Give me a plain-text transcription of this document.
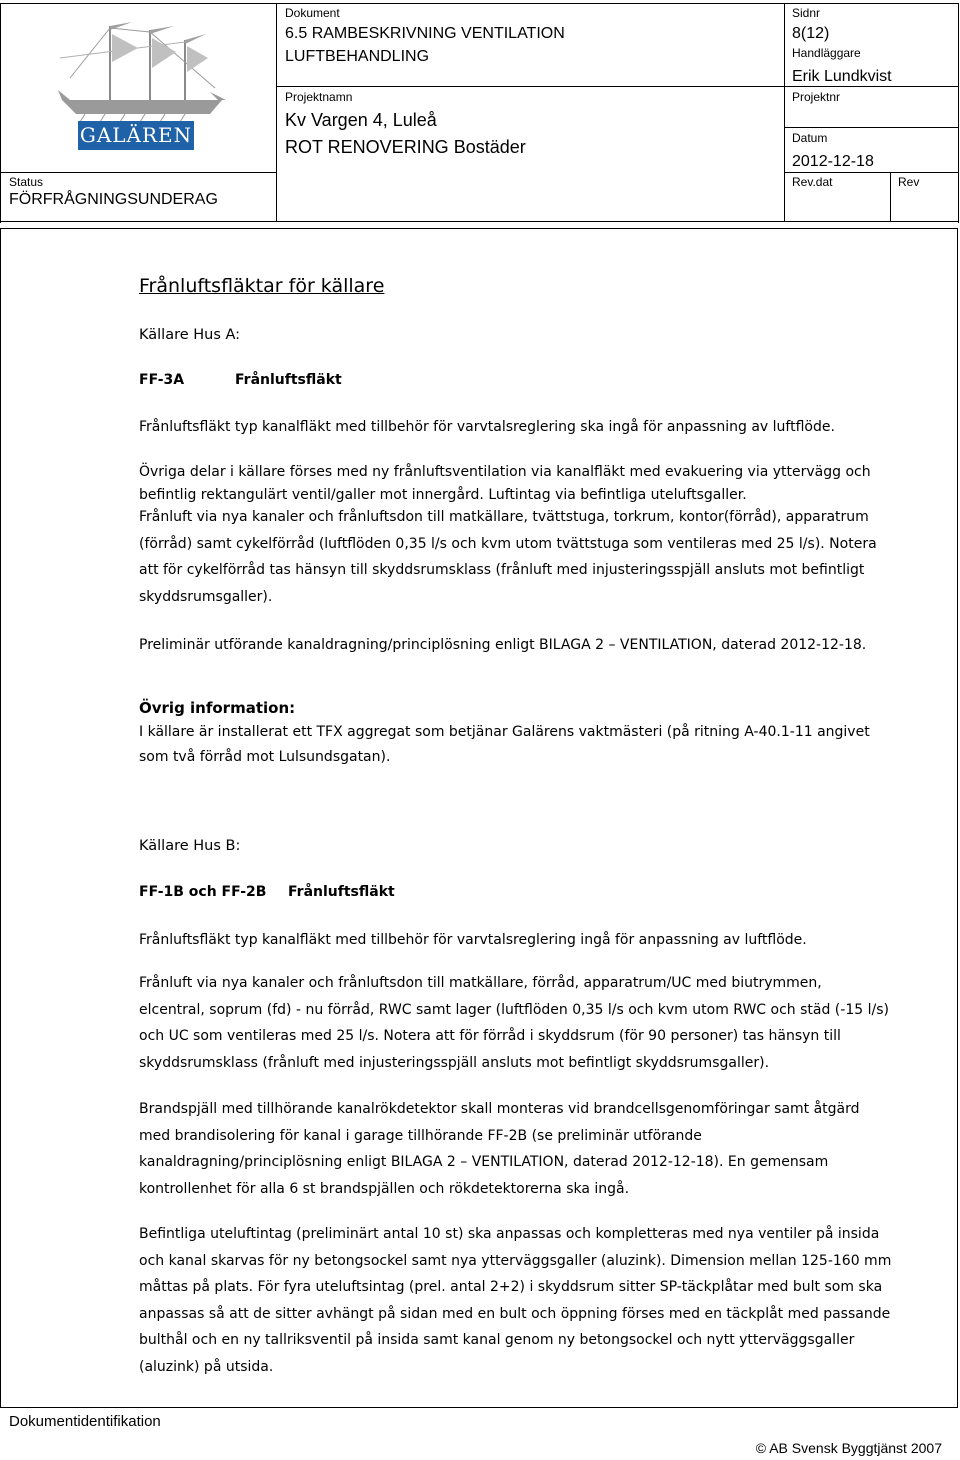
GALÄREN
Status
FÖRFRÅGNINGSUNDERAG
Dokument
6.5 RAMBESKRIVNING VENTILATION
LUFTBEHANDLING
Projektnamn
Kv Vargen 4, Luleå
ROT RENOVERING Bostäder
Sidnr
8(12)
Handläggare
Erik Lundkvist
Projektnr
Datum
2012-12-18
Rev.dat	Rev
Frånluftsfläktar för källare
Källare Hus A:
FF-3A	Frånluftsfläkt

Frånluftsfläkt typ kanalfläkt med tillbehör för varvtalsreglering ska ingå för anpassning av luftflöde.

Övriga delar i källare förses med ny frånluftsventilation via kanalfläkt med evakuering via yttervägg och

befintlig rektangulärt ventil/galler mot innergård. Luftintag via befintliga uteluftsgaller.

Frånluft via nya kanaler och frånluftsdon till matkällare, tvättstuga, torkrum, kontor(förråd), apparatrum

(förråd) samt cykelförråd (luftflöden 0,35 l/s och kvm utom tvättstuga som ventileras med 25 l/s). Notera

att för cykelförråd tas hänsyn till skyddsrumsklass (frånluft med injusteringsspjäll ansluts mot befintligt

skyddsrumsgaller).

Preliminär utförande kanaldragning/principlösning enligt BILAGA 2 – VENTILATION, daterad 2012-12-18.

Övrig information:

I källare är installerat ett TFX aggregat som betjänar Galärens vaktmästeri (på ritning A-40.1-11 angivet

som två förråd mot Lulsundsgatan).

Källare Hus B:
FF-1B och FF-2B Frånluftsfläkt

Frånluftsfläkt typ kanalfläkt med tillbehör för varvtalsreglering ingå för anpassning av luftflöde.

Frånluft via nya kanaler och frånluftsdon till matkällare, förråd, apparatrum/UC med biutrymmen,

elcentral, soprum (fd) - nu förråd, RWC samt lager (luftflöden 0,35 l/s och kvm utom RWC och städ (-15 l/s)

och UC som ventileras med 25 l/s. Notera att för förråd i skyddsrum (för 90 personer) tas hänsyn till

skyddsrumsklass (frånluft med injusteringsspjäll ansluts mot befintligt skyddsrumsgaller).

Brandspjäll med tillhörande kanalrökdetektor skall monteras vid brandcellsgenomföringar samt åtgärd

med brandisolering för kanal i garage tillhörande FF-2B (se preliminär utförande

kanaldragning/principlösning enligt BILAGA 2 – VENTILATION, daterad 2012-12-18). En gemensam

kontrollenhet för alla 6 st brandspjällen och rökdetektorerna ska ingå.

Befintliga uteluftintag (preliminärt antal 10 st) ska anpassas och kompletteras med nya ventiler på insida

och kanal skarvas för ny betongsockel samt nya ytterväggsgaller (aluzink). Dimension mellan 125-160 mm

måttas på plats. För fyra uteluftsintag (prel. antal 2+2) i skyddsrum sitter SP-täckplåtar med bult som ska

anpassas så att de sitter avhängt på sidan med en bult och öppning förses med en täckplåt med passande

bulthål och en ny tallriksventil på insida samt kanal genom ny betongsockel och nytt ytterväggsgaller

(aluzink) på utsida.

Dokumentidentifikation
© AB Svensk Byggtjänst 2007
